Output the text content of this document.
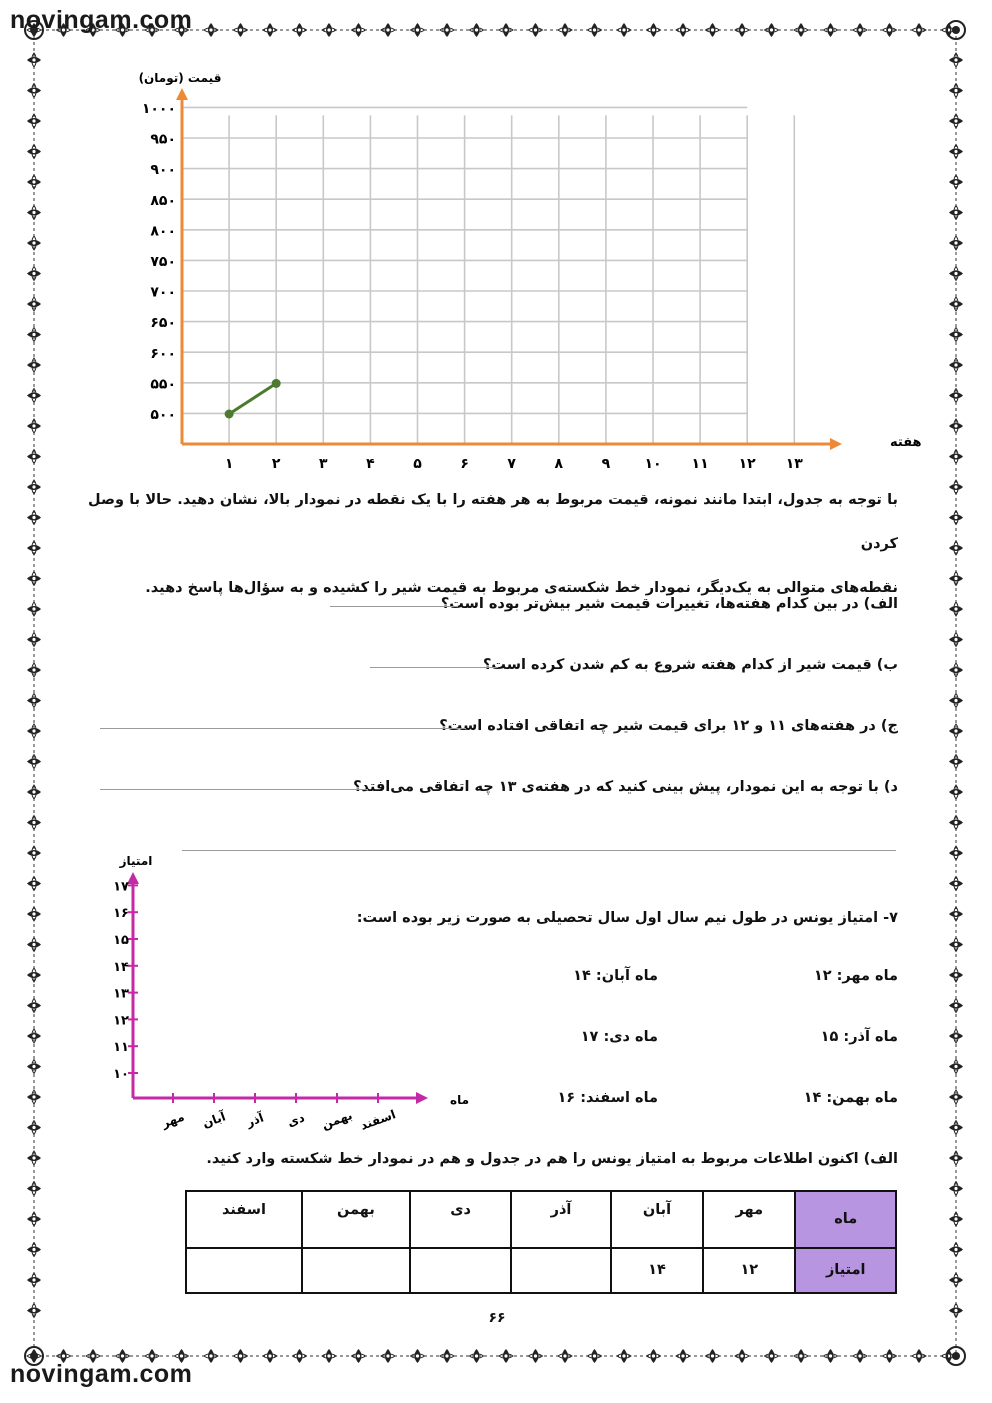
novingam.com
novingam.com
قیمت (تومان)
هفته
۱	۲	۳	۴	۵	۶	۷	۸	۹ ۱۰ ۱۱ ۱۲ ۱۳
۵۰۰
۵۵۰
۶۰۰
۶۵۰
۷۰۰
۷۵۰
۸۰۰
۸۵۰
۹۰۰
۹۵۰
۱۰۰۰
با توجه به جدول، ابتدا مانند نمونه، قیمت مربوط به هر هفته را با یک نقطه در نمودار بالا، نشان دهید. حالا با وصل کردن
نقطه‌های متوالی به یک‌دیگر، نمودار خط شکسته‌ی مربوط به قیمت شیر را کشیده و به سؤال‌ها پاسخ دهید.
الف) در بین کدام هفته‌ها، تغییرات قیمت شیر بیش‌تر بوده است؟
ب) قیمت شیر از کدام هفته شروع به کم شدن کرده است؟
ج) در هفته‌های ۱۱ و ۱۲ برای قیمت شیر چه اتفاقی افتاده است؟
د) با توجه به این نمودار، پیش بینی کنید که در هفته‌ی ۱۳ چه اتفاقی می‌افتد؟
امتیاز
ماه
۱۰
۱۱
۱۲
۱۳
۱۴
۱۵
۱۶
۱۷
مهر آبان آذر دی بهمن اسفند
۷- امتیاز یونس در طول نیم سال اول سال تحصیلی به صورت زیر بوده است:
ماه مهر: ۱۲
ماه آبان: ۱۴
ماه آذر: ۱۵
ماه دی: ۱۷
ماه بهمن: ۱۴
ماه اسفند: ۱۶
الف) اکنون اطلاعات مربوط به امتیاز یونس را هم در جدول و هم در نمودار خط شکسته وارد کنید.
ماه	مهر	آبان	آذر	دی	بهمن	اسفند
امتیاز	۱۲	۱۴				
۶۶
